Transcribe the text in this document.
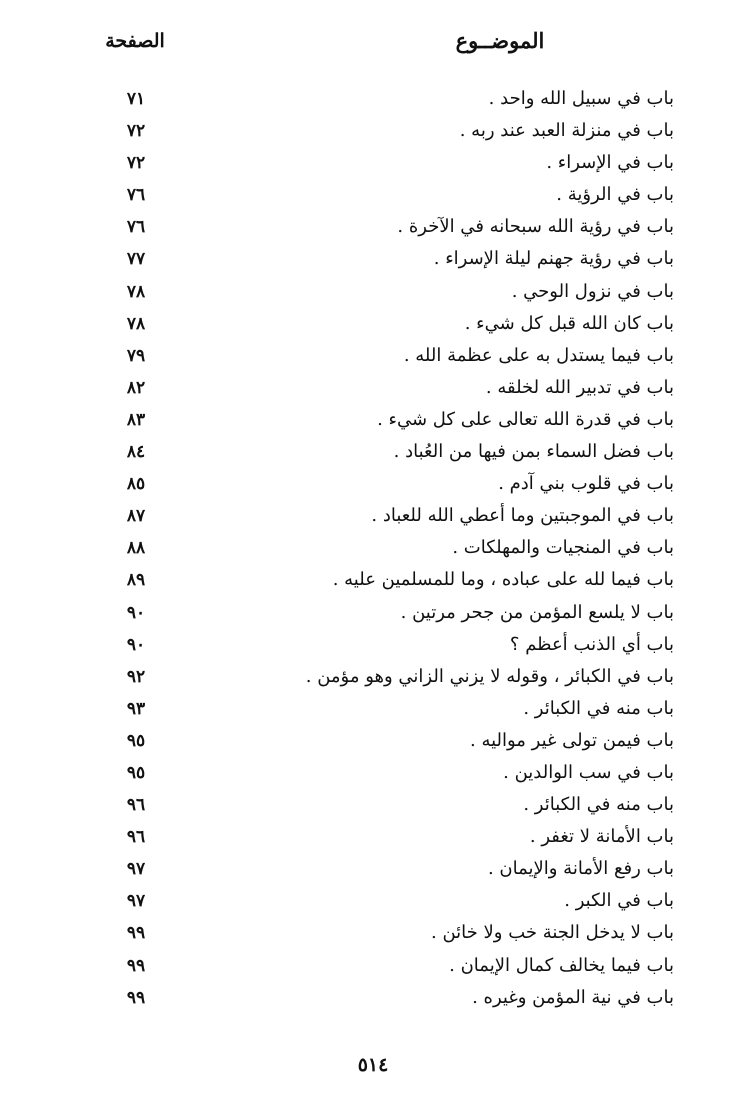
الموضــوع
الصفحة
باب في سبيل الله واحد .
٧١
باب في منزلة العبد عند ربه .
٧٢
باب في الإسراء .
٧٢
باب في الرؤية .
٧٦
باب في رؤية الله سبحانه في الآخرة .
٧٦
باب في رؤية جهنم ليلة الإسراء .
٧٧
باب في نزول الوحي .
٧٨
باب كان الله قبل كل شيء .
٧٨
باب فيما يستدل به على عظمة الله .
٧٩
باب في تدبير الله لخلقه .
٨٢
باب في قدرة الله تعالى على كل شيء .
٨٣
باب فضل السماء بمن فيها من العُباد .
٨٤
باب في قلوب بني آدم .
٨٥
باب في الموجبتين وما أعطي الله للعباد .
٨٧
باب في المنجيات والمهلكات .
٨٨
باب فيما لله على عباده ، وما للمسلمين عليه .
٨٩
باب لا يلسع المؤمن من جحر مرتين .
٩٠
باب أي الذنب أعظم ؟
٩٠
باب في الكبائر ، وقوله لا يزني الزاني وهو مؤمن .
٩٢
باب منه في الكبائر .
٩٣
باب فيمن تولى غير مواليه .
٩٥
باب في سب الوالدين .
٩٥
باب منه في الكبائر .
٩٦
باب الأمانة لا تغفر .
٩٦
باب رفع الأمانة والإيمان .
٩٧
باب في الكبر .
٩٧
باب لا يدخل الجنة خب ولا خائن .
٩٩
باب فيما يخالف كمال الإيمان .
٩٩
باب في نية المؤمن وغيره .
٩٩
٥١٤
